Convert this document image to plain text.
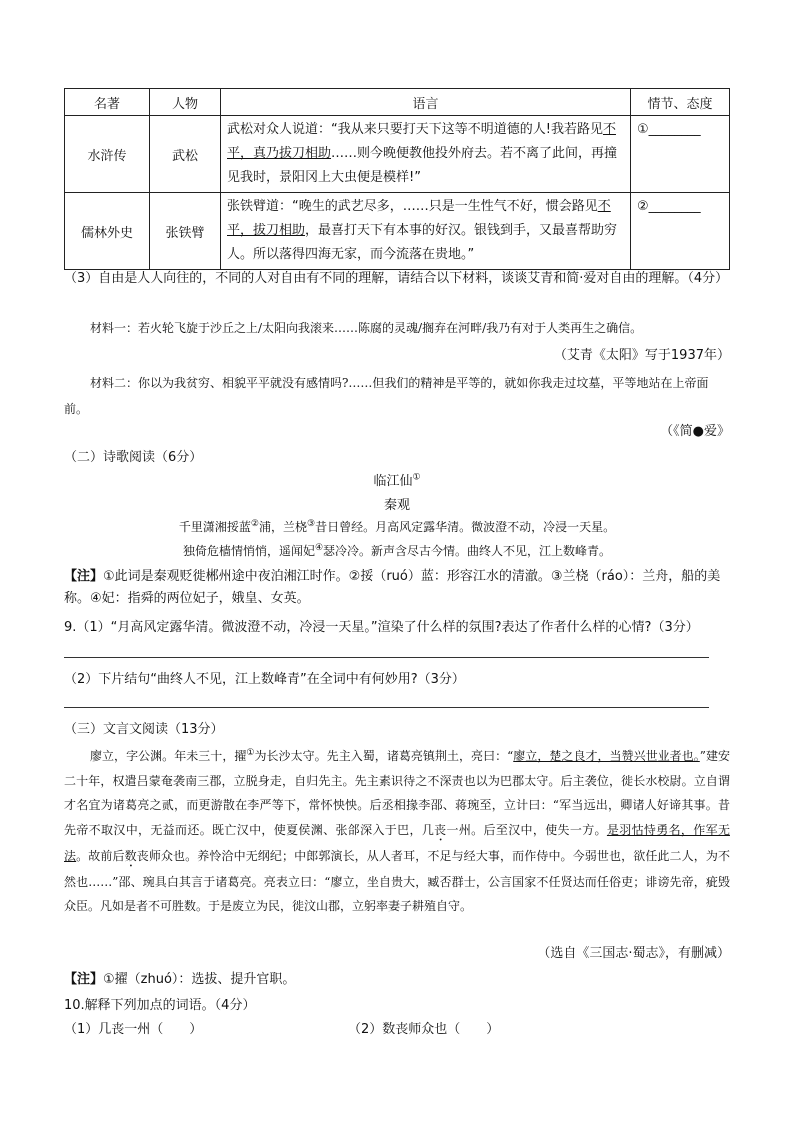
名著	人物	语言	情节、态度
水浒传	武松	武松对众人说道：“我从来只要打天下这等不明道德的人!我若路见不平，真乃拔刀相助……则今晚便教他投外府去。若不离了此间，再撞见我时，景阳冈上大虫便是模样!”	①________
儒林外史	张铁臂	张铁臂道：“晚生的武艺尽多，……只是一生性气不好，惯会路见不平，拔刀相助，最喜打天下有本事的好汉。银钱到手，又最喜帮助穷人。所以落得四海无家，而今流落在贵地。”	②________
（3）自由是人人向往的，不同的人对自由有不同的理解，请结合以下材料，谈谈艾青和简·爱对自由的理解。（4分）
材料一：若火轮飞旋于沙丘之上/太阳向我滚来……陈腐的灵魂/搁弃在河畔/我乃有对于人类再生之确信。
（艾青《太阳》写于1937年）
材料二：你以为我贫穷、相貌平平就没有感情吗?……但我们的精神是平等的，就如你我走过坟墓，平等地站在上帝面前。
（《简●爱》
（二）诗歌阅读（6分）
临江仙①
秦观
千里潇湘挼蓝②浦，兰桡③昔日曾经。月高风定露华清。微波澄不动，冷浸一天星。
独倚危樯情悄悄，遥闻妃④瑟冷冷。新声含尽古今情。曲终人不见，江上数峰青。
【注】①此词是秦观贬徙郴州途中夜泊湘江时作。②挼（ruó）蓝：形容江水的清澈。③兰桡（ráo）：兰舟，船的美称。④妃：指舜的两位妃子，娥皇、女英。
9.（1）“月高风定露华清。微波澄不动，冷浸一天星。”渲染了什么样的氛围?表达了作者什么样的心情?（3分）
（2）下片结句“曲终人不见，江上数峰青”在全词中有何妙用?（3分）
（三）文言文阅读（13分）
廖立，字公渊。年未三十，擢①为长沙太守。先主入蜀，诸葛亮镇荆土，亮曰：“廖立，楚之良才，当赞兴世业者也。”建安二十年，权遣吕蒙奄袭南三郡，立脱身走，自归先主。先主素识待之不深责也以为巴郡太守。后主袭位，徙长水校尉。立自谓才名宜为诸葛亮之贰，而更游散在李严等下，常怀怏怏。后丞相掾李邵、蒋琬至，立计曰：“军当远出，卿诸人好谛其事。昔先帝不取汉中，无益而还。既亡汉中，使夏侯渊、张郃深入于巴，几丧一州。后至汉中，使失一方。是羽怙恃勇名，作军无法。故前后数丧师众也。养怜洽中无纲纪；中郎郭演长，从人者耳，不足与经大事，而作侍中。今弱世也，欲任此二人，为不然也……”邵、琬具白其言于诸葛亮。亮表立曰：“廖立，坐自贵大，臧否群士，公言国家不任贤达而任俗吏；诽谤先帝，疵毁众臣。凡如是者不可胜数。于是废立为民，徙汶山郡，立躬率妻子耕殖自守。
（选自《三国志·蜀志》，有删减）
【注】①擢（zhuó）：选拔、提升官职。
10.解释下列加点的词语。（4分）
（1）几丧一州（　　）	（2）数丧师众也（　　）
